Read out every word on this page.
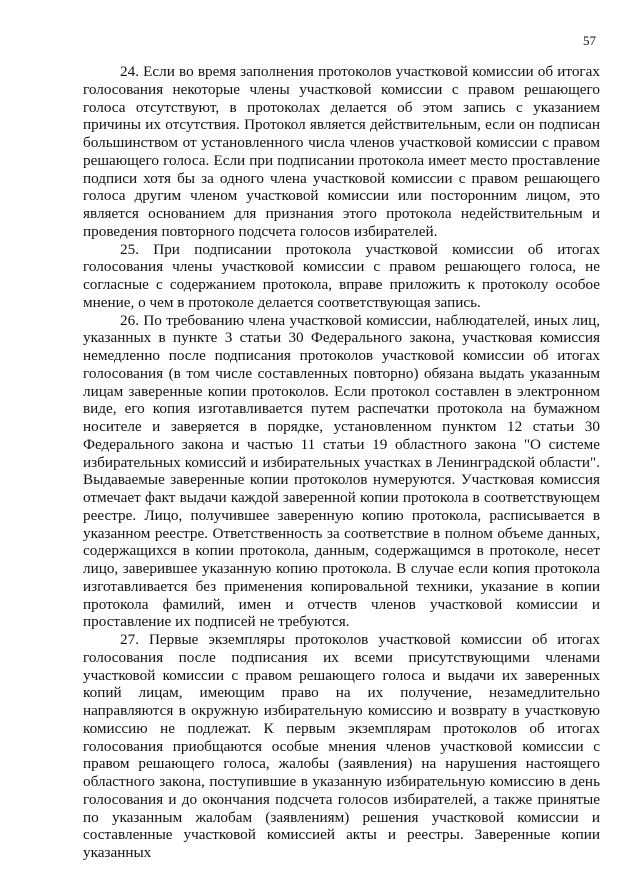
57

24. Если во время заполнения протоколов участковой комиссии об итогах голосования некоторые члены участковой комиссии с правом решающего голоса отсутствуют, в протоколах делается об этом запись с указанием причины их отсутствия. Протокол является действительным, если он подписан большинством от установленного числа членов участковой комиссии с правом решающего голоса. Если при подписании протокола имеет место проставление подписи хотя бы за одного члена участковой комиссии с правом решающего голоса другим членом участковой комиссии или посторонним лицом, это является основанием для признания этого протокола недействительным и проведения повторного подсчета голосов избирателей.

25. При подписании протокола участковой комиссии об итогах голосования члены участковой комиссии с правом решающего голоса, не согласные с содержанием протокола, вправе приложить к протоколу особое мнение, о чем в протоколе делается соответствующая запись.

26. По требованию члена участковой комиссии, наблюдателей, иных лиц, указанных в пункте 3 статьи 30 Федерального закона, участковая комиссия немедленно после подписания протоколов участковой комиссии об итогах голосования (в том числе составленных повторно) обязана выдать указанным лицам заверенные копии протоколов. Если протокол составлен в электронном виде, его копия изготавливается путем распечатки протокола на бумажном носителе и заверяется в порядке, установленном пунктом 12 статьи 30 Федерального закона и частью 11 статьи 19 областного закона "О системе избирательных комиссий и избирательных участках в Ленинградской области". Выдаваемые заверенные копии протоколов нумеруются. Участковая комиссия отмечает факт выдачи каждой заверенной копии протокола в соответствующем реестре. Лицо, получившее заверенную копию протокола, расписывается в указанном реестре. Ответственность за соответствие в полном объеме данных, содержащихся в копии протокола, данным, содержащимся в протоколе, несет лицо, заверившее указанную копию протокола. В случае если копия протокола изготавливается без применения копировальной техники, указание в копии протокола фамилий, имен и отчеств членов участковой комиссии и проставление их подписей не требуются.

27. Первые экземпляры протоколов участковой комиссии об итогах голосования после подписания их всеми присутствующими членами участковой комиссии с правом решающего голоса и выдачи их заверенных копий лицам, имеющим право на их получение, незамедлительно направляются в окружную избирательную комиссию и возврату в участковую комиссию не подлежат. К первым экземплярам протоколов об итогах голосования приобщаются особые мнения членов участковой комиссии с правом решающего голоса, жалобы (заявления) на нарушения настоящего областного закона, поступившие в указанную избирательную комиссию в день голосования и до окончания подсчета голосов избирателей, а также принятые по указанным жалобам (заявлениям) решения участковой комиссии и составленные участковой комиссией акты и реестры. Заверенные копии указанных
